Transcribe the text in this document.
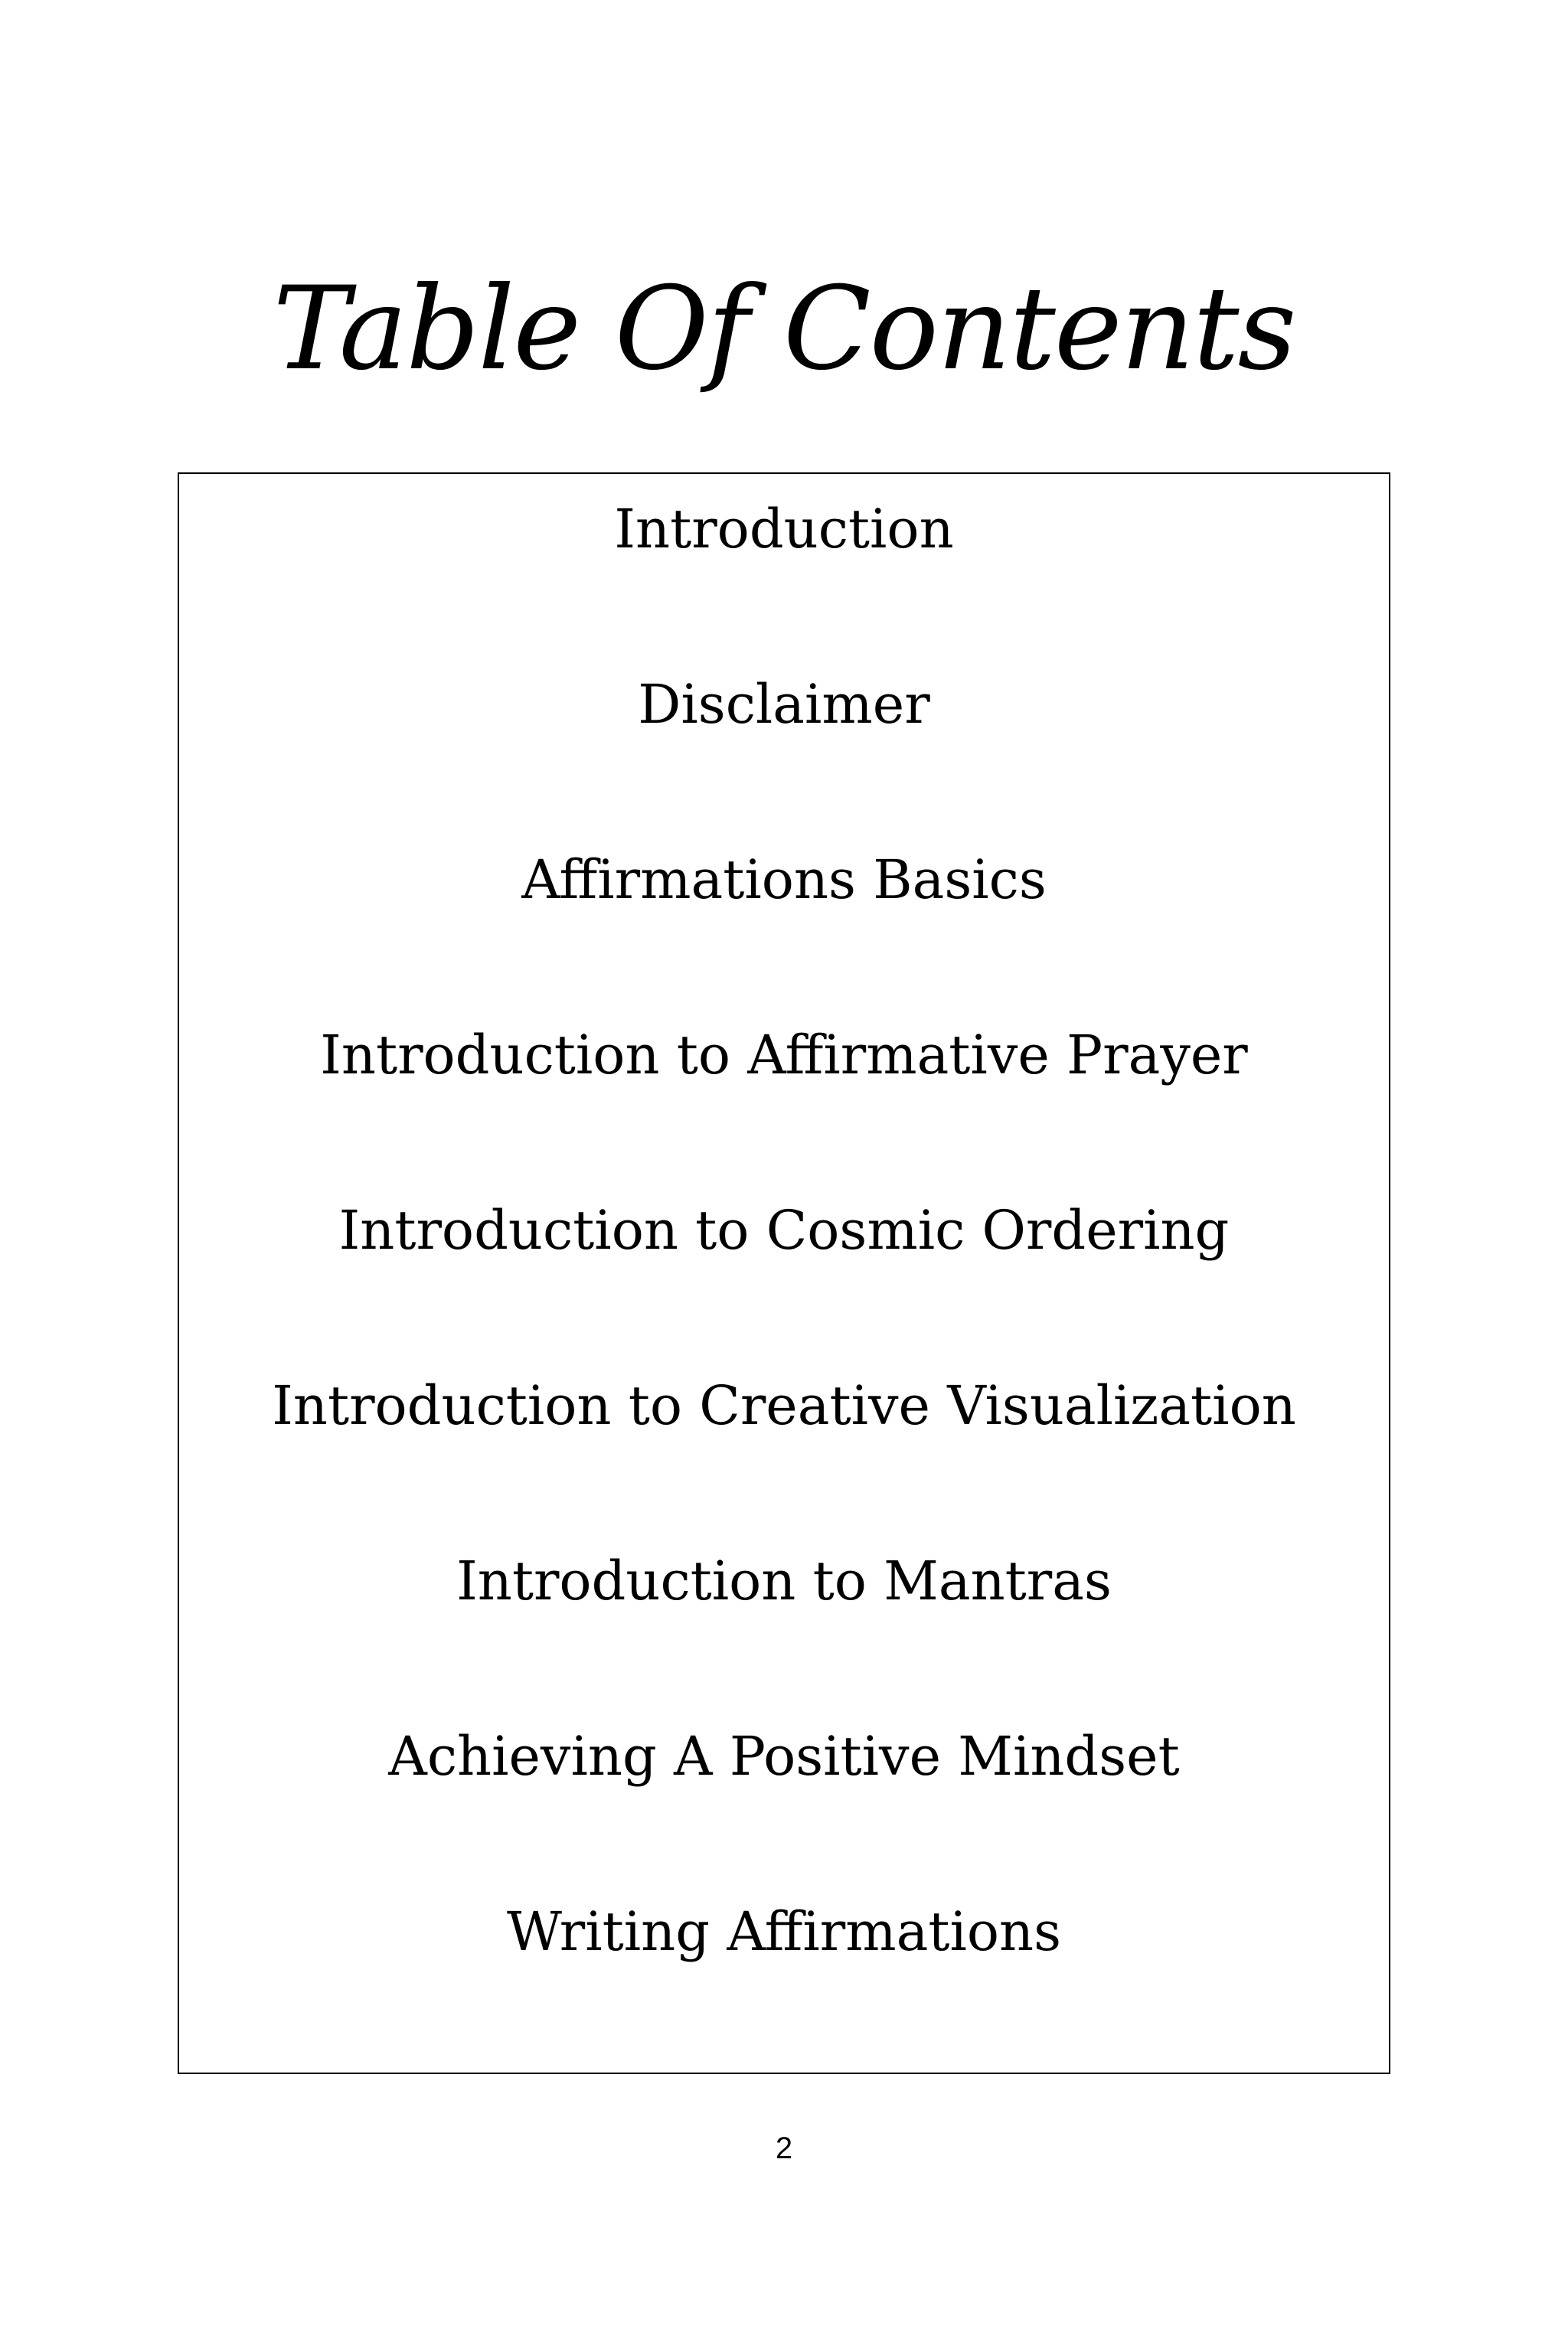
Table Of Contents
Introduction
Disclaimer
Affirmations Basics
Introduction to Affirmative Prayer
Introduction to Cosmic Ordering
Introduction to Creative Visualization
Introduction to Mantras
Achieving A Positive Mindset
Writing Affirmations
2
